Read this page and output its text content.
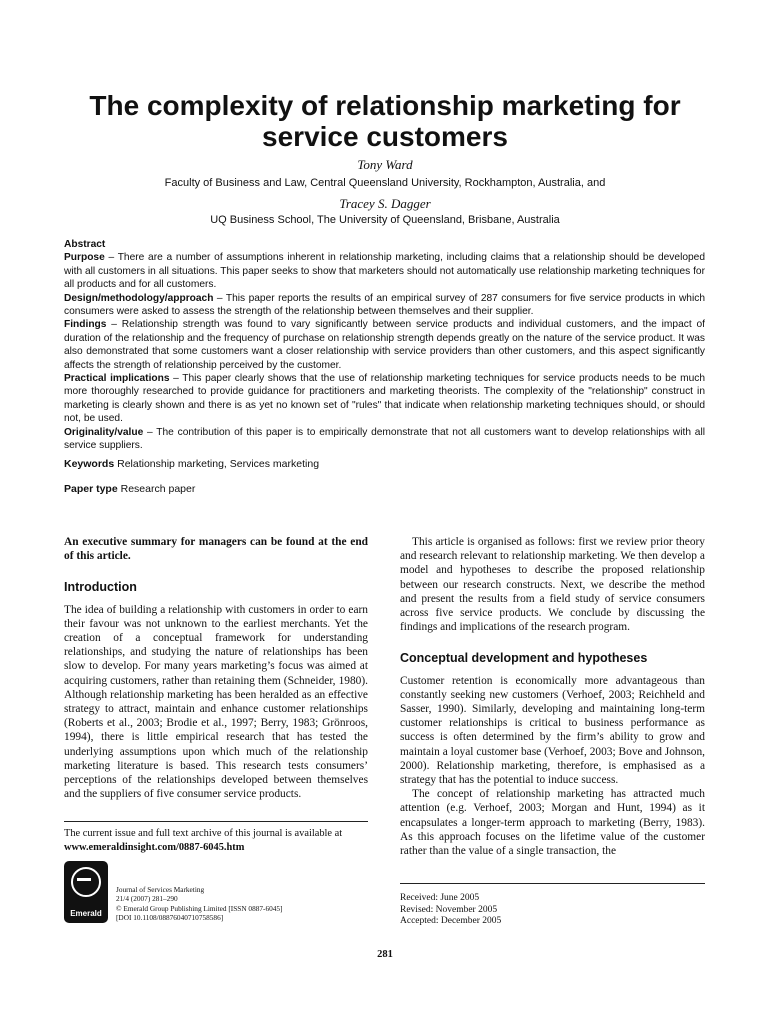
The complexity of relationship marketing for service customers
Tony Ward
Faculty of Business and Law, Central Queensland University, Rockhampton, Australia, and
Tracey S. Dagger
UQ Business School, The University of Queensland, Brisbane, Australia

Abstract

Purpose – There are a number of assumptions inherent in relationship marketing, including claims that a relationship should be developed with all customers in all situations. This paper seeks to show that marketers should not automatically use relationship marketing techniques for all products and for all customers.

Design/methodology/approach – This paper reports the results of an empirical survey of 287 consumers for five service products in which consumers were asked to assess the strength of the relationship between themselves and their supplier.

Findings – Relationship strength was found to vary significantly between service products and individual customers, and the impact of duration of the relationship and the frequency of purchase on relationship strength depends greatly on the nature of the service product. It was also demonstrated that some customers want a closer relationship with service providers than other customers, and this aspect significantly affects the strength of relationship perceived by the customer.

Practical implications – This paper clearly shows that the use of relationship marketing techniques for service products needs to be much more thoroughly researched to provide guidance for practitioners and marketing theorists. The complexity of the "relationship" construct in marketing is clearly shown and there is as yet no known set of "rules" that indicate when relationship marketing techniques should, or should not, be used.

Originality/value – The contribution of this paper is to empirically demonstrate that not all customers want to develop relationships with all service suppliers.

Keywords Relationship marketing, Services marketing
Paper type Research paper

An executive summary for managers can be found at the end of this article.

Introduction

The idea of building a relationship with customers in order to earn their favour was not unknown to the earliest merchants. Yet the creation of a conceptual framework for understanding relationships, and studying the nature of relationships has been slow to develop. For many years marketing’s focus was aimed at acquiring customers, rather than retaining them (Schneider, 1980). Although relationship marketing has been heralded as an effective strategy to attract, maintain and enhance customer relationships (Roberts et al., 2003; Brodie et al., 1997; Berry, 1983; Grönroos, 1994), there is little empirical research that has tested the underlying assumptions upon which much of the relationship marketing literature is based. This research tests consumers’ perceptions of the relationships developed between themselves and the suppliers of five consumer service products.

The current issue and full text archive of this journal is available at

www.emeraldinsight.com/0887-6045.htm

Emerald
Journal of Services Marketing
21/4 (2007) 281–290
© Emerald Group Publishing Limited [ISSN 0887-6045]
[DOI 10.1108/08876040710758586]

This article is organised as follows: first we review prior theory and research relevant to relationship marketing. We then develop a model and hypotheses to describe the proposed relationship between our research constructs. Next, we describe the method and present the results from a field study of service consumers across five service products. We conclude by discussing the findings and implications of the research program.

Conceptual development and hypotheses

Customer retention is economically more advantageous than constantly seeking new customers (Verhoef, 2003; Reichheld and Sasser, 1990). Similarly, developing and maintaining long-term customer relationships is critical to business performance as success is often determined by the firm’s ability to grow and maintain a loyal customer base (Verhoef, 2003; Bove and Johnson, 2000). Relationship marketing, therefore, is emphasised as a strategy that has the potential to induce success.

The concept of relationship marketing has attracted much attention (e.g. Verhoef, 2003; Morgan and Hunt, 1994) as it encapsulates a longer-term approach to marketing (Berry, 1983). As this approach focuses on the lifetime value of the customer rather than the value of a single transaction, the

Received: June 2005
Revised: November 2005
Accepted: December 2005
281
